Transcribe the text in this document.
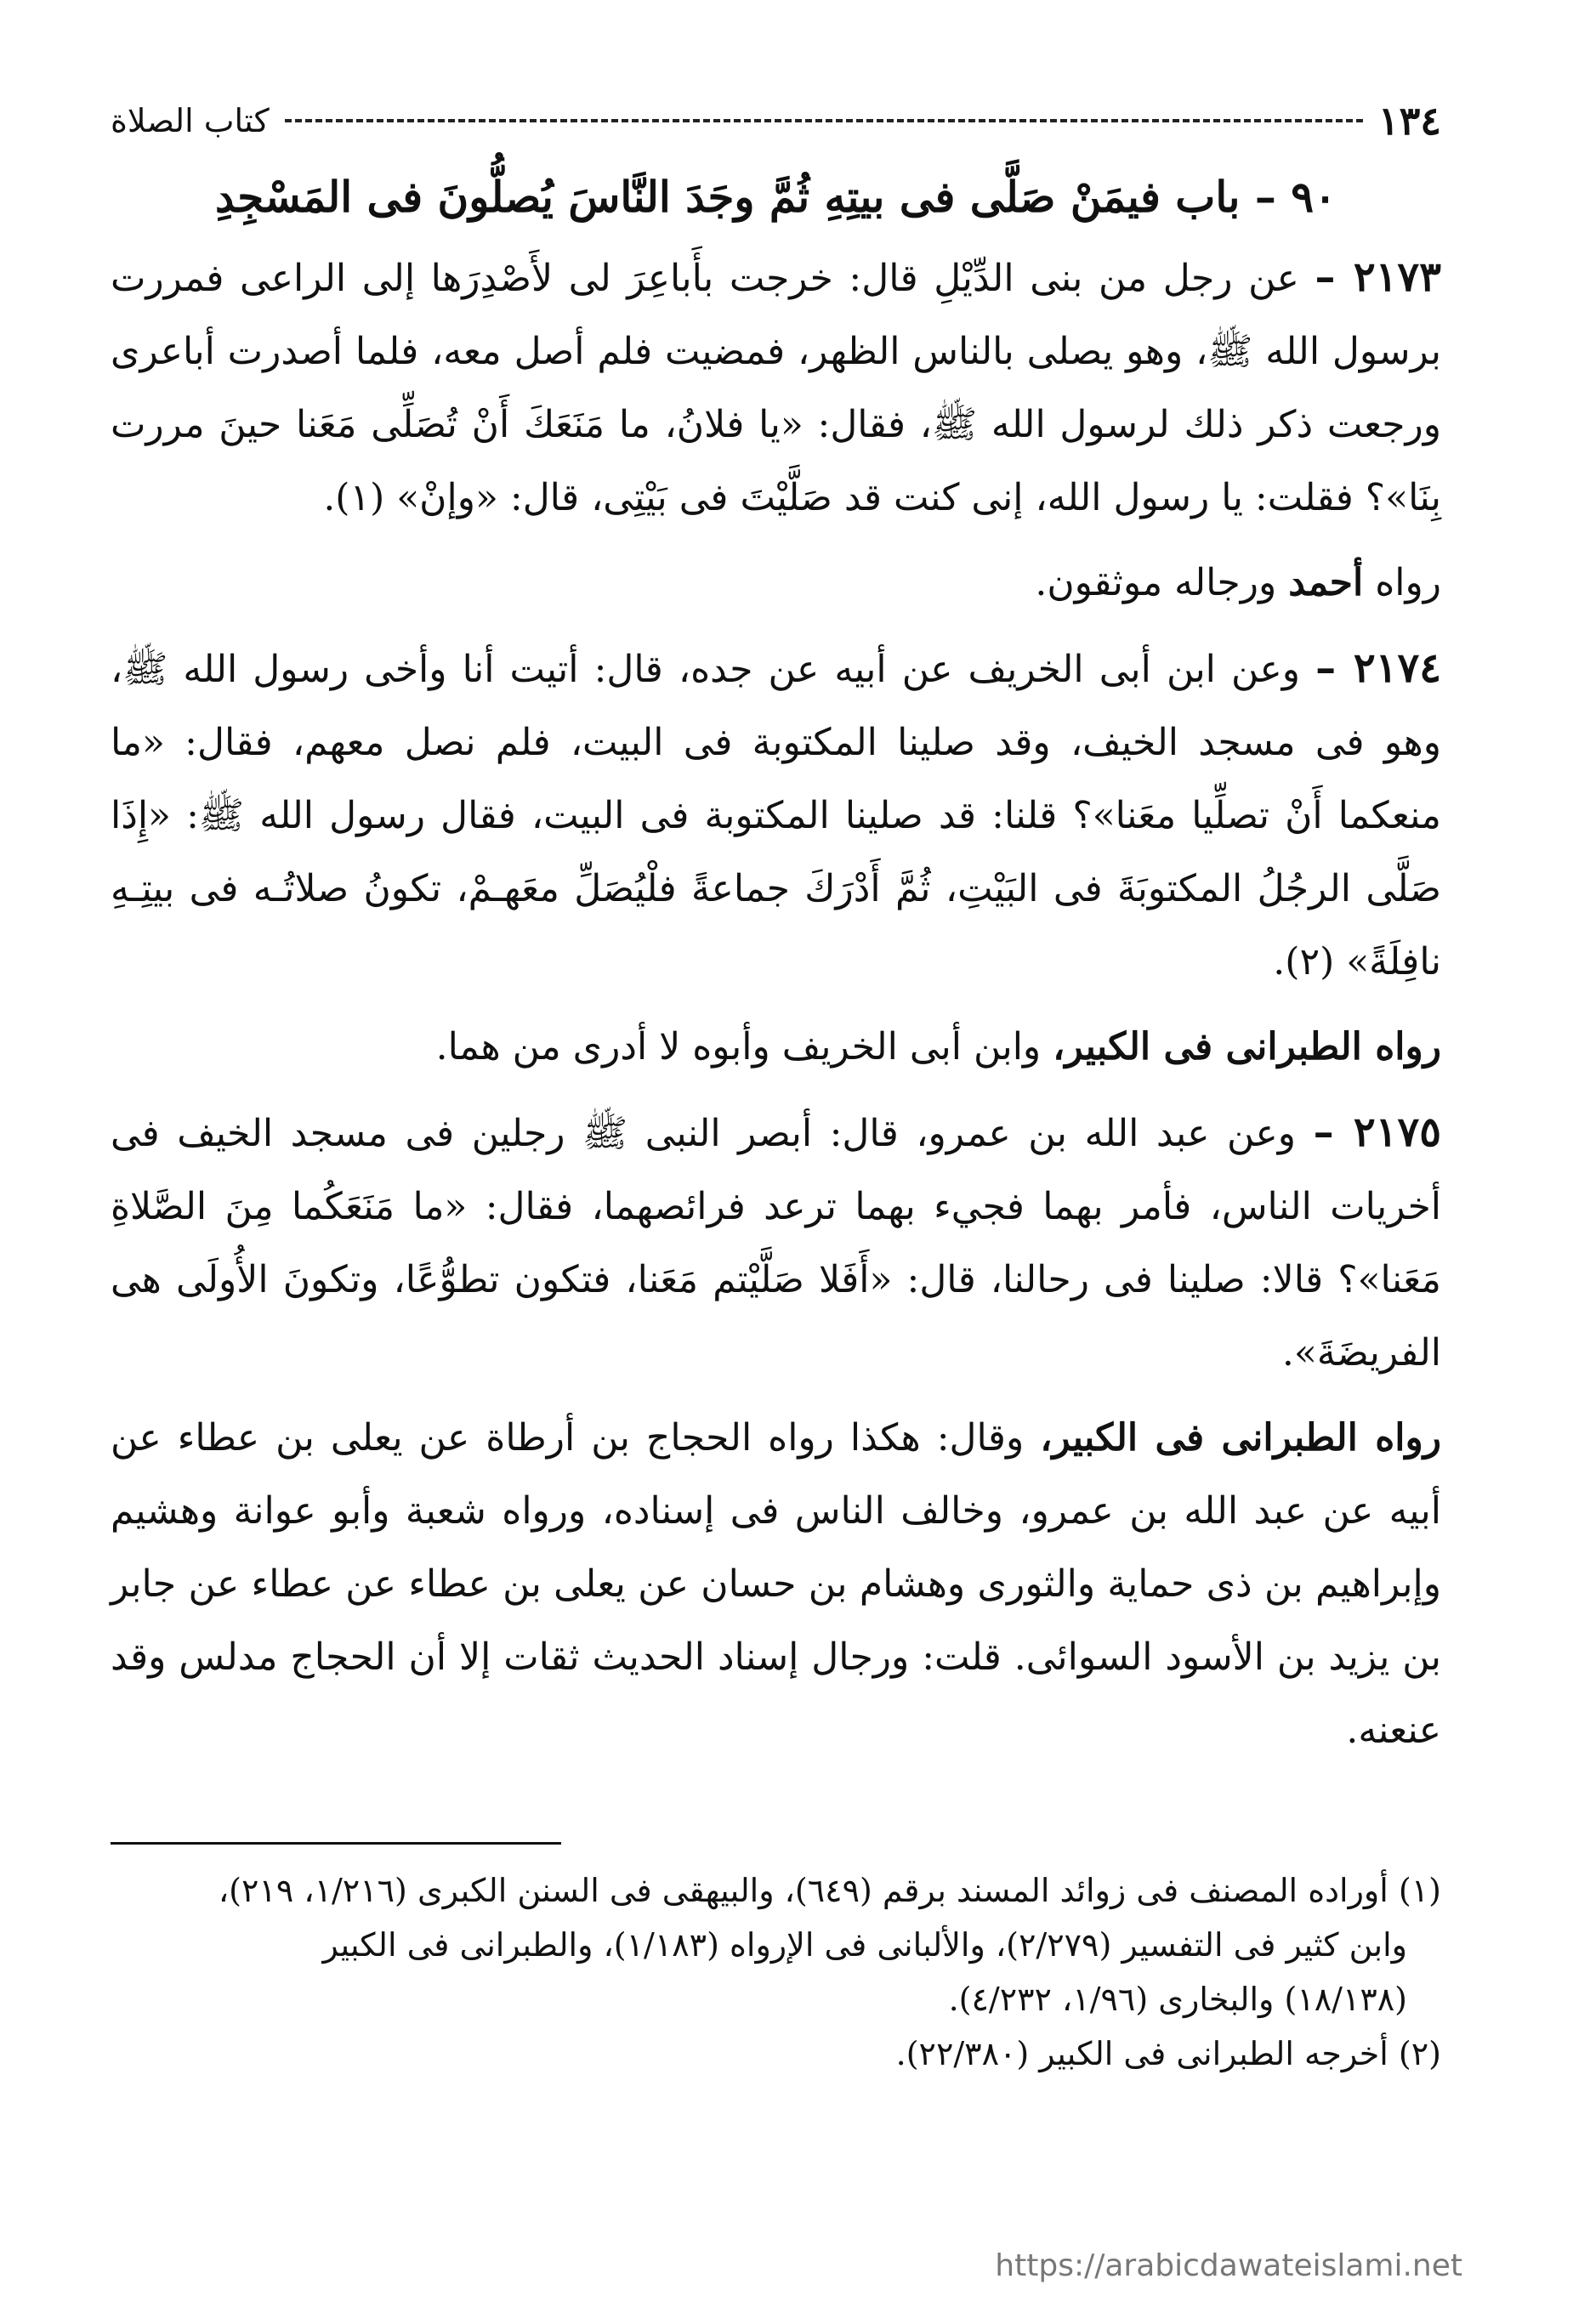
١٣٤
كتاب الصلاة
٩٠ – باب فيمَنْ صَلَّى فى بيتِهِ ثُمَّ وجَدَ النَّاسَ يُصلُّونَ فى المَسْجِدِ

٢١٧٣ – عن رجل من بنى الدِّيْلِ قال: خرجت بأَباعِرَ لى لأَصْدِرَها إلى الراعى فمررت برسول الله ﷺ، وهو يصلى بالناس الظهر، فمضيت فلم أصل معه، فلما أصدرت أباعرى ورجعت ذكر ذلك لرسول الله ﷺ، فقال: «يا فلانُ، ما مَنَعَكَ أَنْ تُصَلِّى مَعَنا حينَ مررت بِنَا»؟ فقلت: يا رسول الله، إنى كنت قد صَلَّيْتَ فى بَيْتِى، قال: «وإنْ» (١).

رواه أحمد ورجاله موثقون.

٢١٧٤ – وعن ابن أبى الخريف عن أبيه عن جده، قال: أتيت أنا وأخى رسول الله ﷺ، وهو فى مسجد الخيف، وقد صلينا المكتوبة فى البيت، فلم نصل معهم، فقال: «ما منعكما أَنْ تصلِّيا معَنا»؟ قلنا: قد صلينا المكتوبة فى البيت، فقال رسول الله ﷺ: «إِذَا صَلَّى الرجُلُ المكتوبَةَ فى البَيْتِ، ثُمَّ أَدْرَكَ جماعةً فلْيُصَلِّ معَهـمْ، تكونُ صلاتُـه فى بيتِـهِ نافِلَةً» (٢).

رواه الطبرانى فى الكبير، وابن أبى الخريف وأبوه لا أدرى من هما.

٢١٧٥ – وعن عبد الله بن عمرو، قال: أبصر النبى ﷺ رجلين فى مسجد الخيف فى أخريات الناس، فأمر بهما فجيء بهما ترعد فرائصهما، فقال: «ما مَنَعَكُما مِنَ الصَّلاةِ مَعَنا»؟ قالا: صلينا فى رحالنا، قال: «أَفَلا صَلَّيْتم مَعَنا، فتكون تطوُّعًا، وتكونَ الأُولَى هى الفريضَةَ».

رواه الطبرانى فى الكبير، وقال: هكذا رواه الحجاج بن أرطاة عن يعلى بن عطاء عن أبيه عن عبد الله بن عمرو، وخالف الناس فى إسناده، ورواه شعبة وأبو عوانة وهشيم وإبراهيم بن ذى حماية والثورى وهشام بن حسان عن يعلى بن عطاء عن عطاء عن جابر بن يزيد بن الأسود السوائى. قلت: ورجال إسناد الحديث ثقات إلا أن الحجاج مدلس وقد عنعنه.

(١) أوراده المصنف فى زوائد المسند برقم (٦٤٩)، والبيهقى فى السنن الكبرى (١/٢١٦، ٢١٩)،

وابن كثير فى التفسير (٢/٢٧٩)، والألبانى فى الإرواه (١/١٨٣)، والطبرانى فى الكبير

(١٨/١٣٨) والبخارى (١/٩٦، ٤/٢٣٢).

(٢) أخرجه الطبرانى فى الكبير (٢٢/٣٨٠).

https://arabicdawateislami.net
